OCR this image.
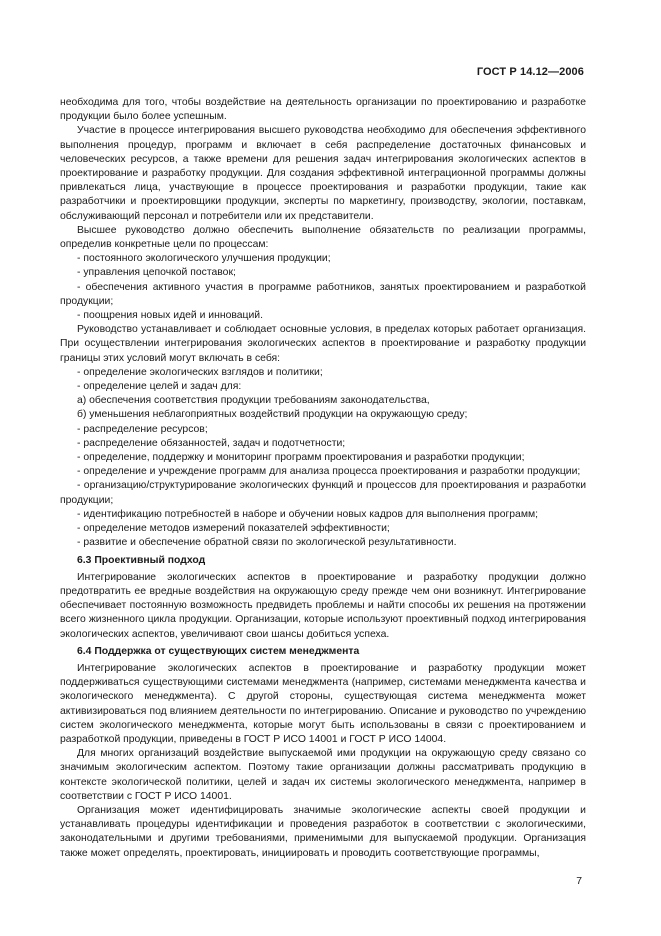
ГОСТ Р 14.12—2006
необходима для того, чтобы воздействие на деятельность организации по проектированию и разработке продукции было более успешным.
Участие в процессе интегрирования высшего руководства необходимо для обеспечения эффективного выполнения процедур, программ и включает в себя распределение достаточных финансовых и человеческих ресурсов, а также времени для решения задач интегрирования экологических аспектов в проектирование и разработку продукции. Для создания эффективной интеграционной программы должны привлекаться лица, участвующие в процессе проектирования и разработки продукции, такие как разработчики и проектировщики продукции, эксперты по маркетингу, производству, экологии, поставкам, обслуживающий персонал и потребители или их представители.
Высшее руководство должно обеспечить выполнение обязательств по реализации программы, определив конкретные цели по процессам:
- постоянного экологического улучшения продукции;
- управления цепочкой поставок;
- обеспечения активного участия в программе работников, занятых проектированием и разработкой продукции;
- поощрения новых идей и инноваций.
Руководство устанавливает и соблюдает основные условия, в пределах которых работает организация. При осуществлении интегрирования экологических аспектов в проектирование и разработку продукции границы этих условий могут включать в себя:
- определение экологических взглядов и политики;
- определение целей и задач для:
а) обеспечения соответствия продукции требованиям законодательства,
б) уменьшения неблагоприятных воздействий продукции на окружающую среду;
- распределение ресурсов;
- распределение обязанностей, задач и подотчетности;
- определение, поддержку и мониторинг программ проектирования и разработки продукции;
- определение и учреждение программ для анализа процесса проектирования и разработки продукции;
- организацию/структурирование экологических функций и процессов для проектирования и разработки продукции;
- идентификацию потребностей в наборе и обучении новых кадров для выполнения программ;
- определение методов измерений показателей эффективности;
- развитие и обеспечение обратной связи по экологической результативности.
6.3 Проективный подход
Интегрирование экологических аспектов в проектирование и разработку продукции должно предотвратить ее вредные воздействия на окружающую среду прежде чем они возникнут. Интегрирование обеспечивает постоянную возможность предвидеть проблемы и найти способы их решения на протяжении всего жизненного цикла продукции. Организации, которые используют проективный подход интегрирования экологических аспектов, увеличивают свои шансы добиться успеха.
6.4 Поддержка от существующих систем менеджмента
Интегрирование экологических аспектов в проектирование и разработку продукции может поддерживаться существующими системами менеджмента (например, системами менеджмента качества и экологического менеджмента). С другой стороны, существующая система менеджмента может активизироваться под влиянием деятельности по интегрированию. Описание и руководство по учреждению систем экологического менеджмента, которые могут быть использованы в связи с проектированием и разработкой продукции, приведены в ГОСТ Р ИСО 14001 и ГОСТ Р ИСО 14004.
Для многих организаций воздействие выпускаемой ими продукции на окружающую среду связано со значимым экологическим аспектом. Поэтому такие организации должны рассматривать продукцию в контексте экологической политики, целей и задач их системы экологического менеджмента, например в соответствии с ГОСТ Р ИСО 14001.
Организация может идентифицировать значимые экологические аспекты своей продукции и устанавливать процедуры идентификации и проведения разработок в соответствии с экологическими, законодательными и другими требованиями, применимыми для выпускаемой продукции. Организация также может определять, проектировать, инициировать и проводить соответствующие программы,
7
